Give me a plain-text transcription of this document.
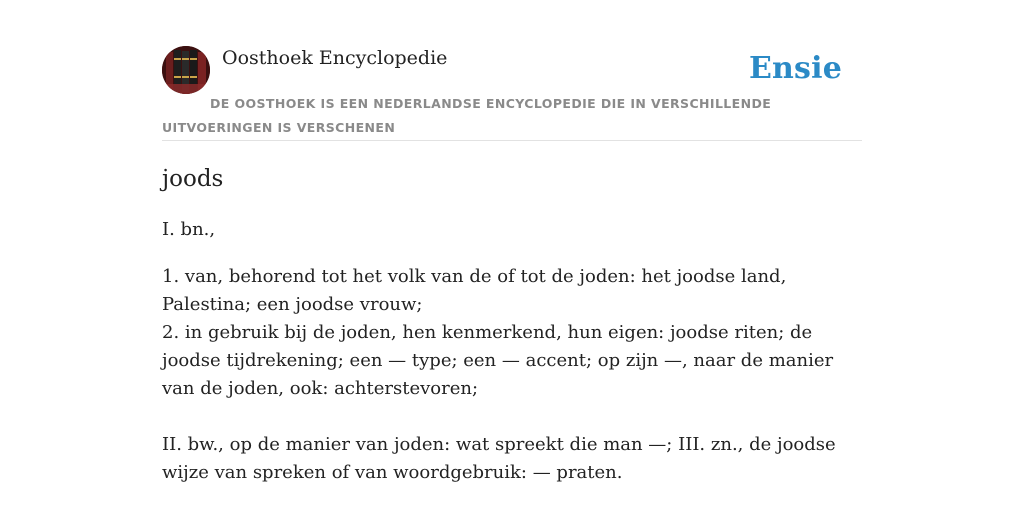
Oosthoek Encyclopedie	Ensie
DE OOSTHOEK IS EEN NEDERLANDSE ENCYCLOPEDIE DIE IN VERSCHILLENDE UITVOERINGEN IS VERSCHENEN
joods
I. bn.,
1. van, behorend tot het volk van de of tot de joden: het joodse land, Palestina; een joodse vrouw;
2. in gebruik bij de joden, hen kenmerkend, hun eigen: joodse riten; de joodse tijdrekening; een — type; een — accent; op zijn —, naar de manier van de joden, ook: achterstevoren;
II. bw., op de manier van joden: wat spreekt die man —; III. zn., de joodse wijze van spreken of van woordgebruik: — praten.
